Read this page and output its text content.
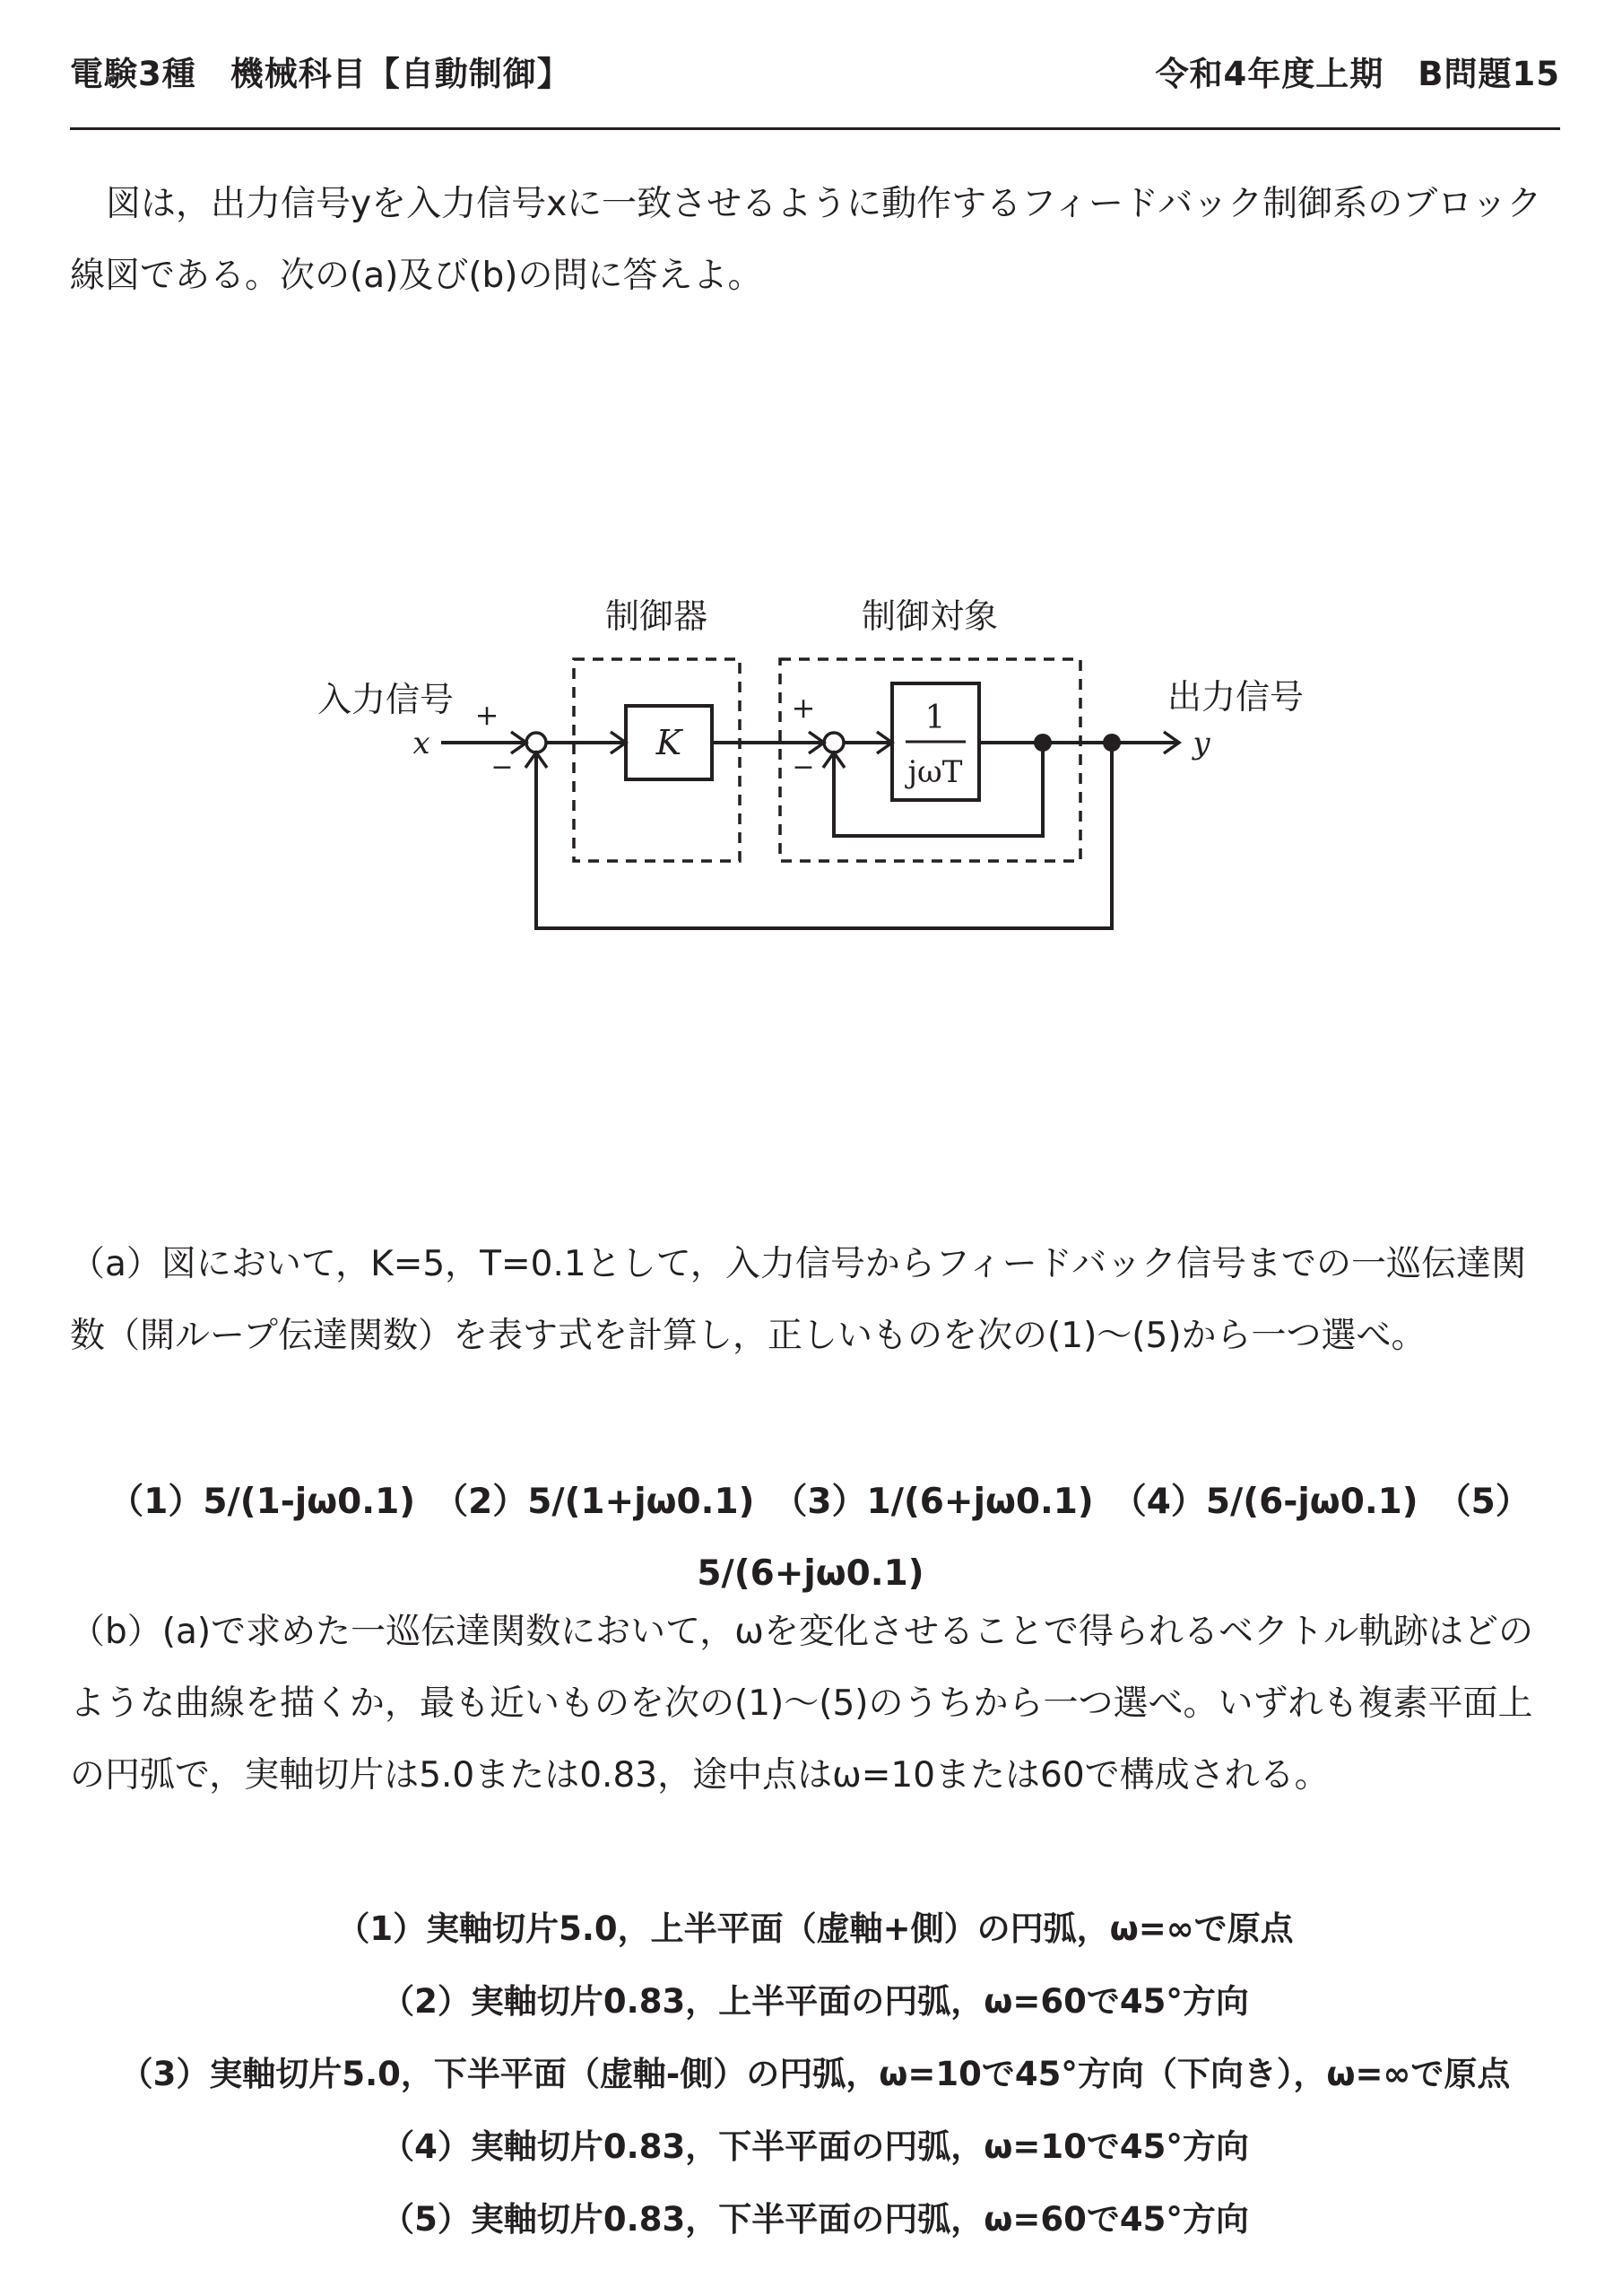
電験3種　機械科目【自動制御】	令和4年度上期　B問題15
図は，出力信号yを入力信号xに一致させるように動作するフィードバック制御系のブロック線図である。次の(a)及び(b)の問に答えよ。
制御器	制御対象
入力信号
x
出力信号
y
+
−
+
−
K
1
jωT
（a）図において，K=5，T=0.1として，入力信号からフィードバック信号までの一巡伝達関数（開ループ伝達関数）を表す式を計算し，正しいものを次の(1)〜(5)から一つ選べ。
（1）5/(1-jω0.1) （2）5/(1+jω0.1) （3）1/(6+jω0.1) （4）5/(6-jω0.1) （5）5/(6+jω0.1)
（b）(a)で求めた一巡伝達関数において，ωを変化させることで得られるベクトル軌跡はどのような曲線を描くか，最も近いものを次の(1)〜(5)のうちから一つ選べ。いずれも複素平面上の円弧で，実軸切片は5.0または0.83，途中点はω=10または60で構成される。
（1）実軸切片5.0，上半平面（虚軸+側）の円弧，ω=∞で原点
（2）実軸切片0.83，上半平面の円弧，ω=60で45°方向
（3）実軸切片5.0，下半平面（虚軸-側）の円弧，ω=10で45°方向（下向き），ω=∞で原点
（4）実軸切片0.83，下半平面の円弧，ω=10で45°方向
（5）実軸切片0.83，下半平面の円弧，ω=60で45°方向
